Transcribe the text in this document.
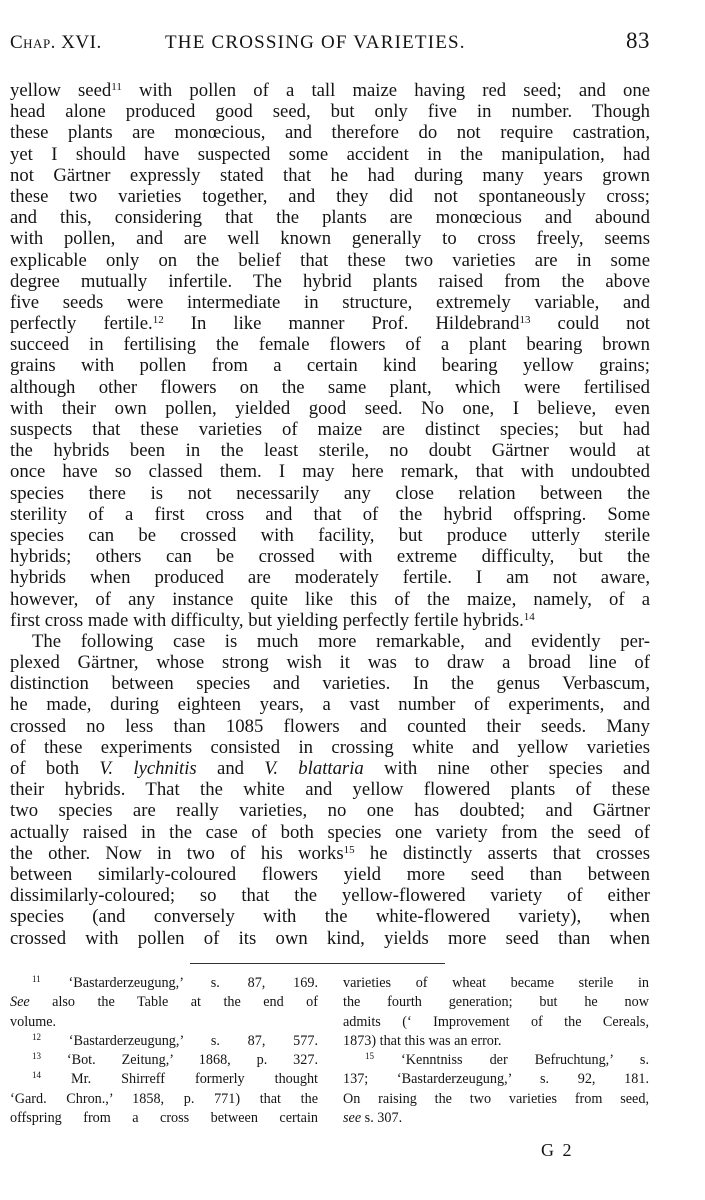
Chap. XVI.	THE CROSSING OF VARIETIES.	83
yellow seed$^{11}$ with pollen of a tall maize having red seed; and one
head alone produced good seed, but only five in number. Though
these plants are monœcious, and therefore do not require castration,
yet I should have suspected some accident in the manipulation, had
not Gärtner expressly stated that he had during many years grown
these two varieties together, and they did not spontaneously cross;
and this, considering that the plants are monœcious and abound
with pollen, and are well known generally to cross freely, seems
explicable only on the belief that these two varieties are in some
degree mutually infertile. The hybrid plants raised from the above
five seeds were intermediate in structure, extremely variable, and
perfectly fertile.$^{12}$ In like manner Prof. Hildebrand$^{13}$ could not
succeed in fertilising the female flowers of a plant bearing brown
grains with pollen from a certain kind bearing yellow grains;
although other flowers on the same plant, which were fertilised
with their own pollen, yielded good seed. No one, I believe, even
suspects that these varieties of maize are distinct species; but had
the hybrids been in the least sterile, no doubt Gärtner would at
once have so classed them. I may here remark, that with undoubted
species there is not necessarily any close relation between the
sterility of a first cross and that of the hybrid offspring. Some
species can be crossed with facility, but produce utterly sterile
hybrids; others can be crossed with extreme difficulty, but the
hybrids when produced are moderately fertile. I am not aware,
however, of any instance quite like this of the maize, namely, of a
first cross made with difficulty, but yielding perfectly fertile hybrids.$^{14}$
The following case is much more remarkable, and evidently per-
plexed Gärtner, whose strong wish it was to draw a broad line of
distinction between species and varieties. In the genus Verbascum,
he made, during eighteen years, a vast number of experiments, and
crossed no less than 1085 flowers and counted their seeds. Many
of these experiments consisted in crossing white and yellow varieties
of both V. lychnitis and V. blattaria with nine other species and
their hybrids. That the white and yellow flowered plants of these
two species are really varieties, no one has doubted; and Gärtner
actually raised in the case of both species one variety from the seed of
the other. Now in two of his works$^{15}$ he distinctly asserts that crosses
between similarly-coloured flowers yield more seed than between
dissimilarly-coloured; so that the yellow-flowered variety of either
species (and conversely with the white-flowered variety), when
crossed with pollen of its own kind, yields more seed than when
$^{11}$ ‘Bastarderzeugung,’ s. 87, 169.
See also the Table at the end of
volume.
$^{12}$ ‘Bastarderzeugung,’ s. 87, 577.
$^{13}$ ‘Bot. Zeitung,’ 1868, p. 327.
$^{14}$ Mr. Shirreff formerly thought
‘Gard. Chron.,’ 1858, p. 771) that the
offspring from a cross between certain
varieties of wheat became sterile in
the fourth generation; but he now
admits (‘ Improvement of the Cereals,
1873) that this was an error.
$^{15}$ ‘Kenntniss der Befruchtung,’ s.
137; ‘Bastarderzeugung,’ s. 92, 181.
On raising the two varieties from seed,
see s. 307.
G 2
